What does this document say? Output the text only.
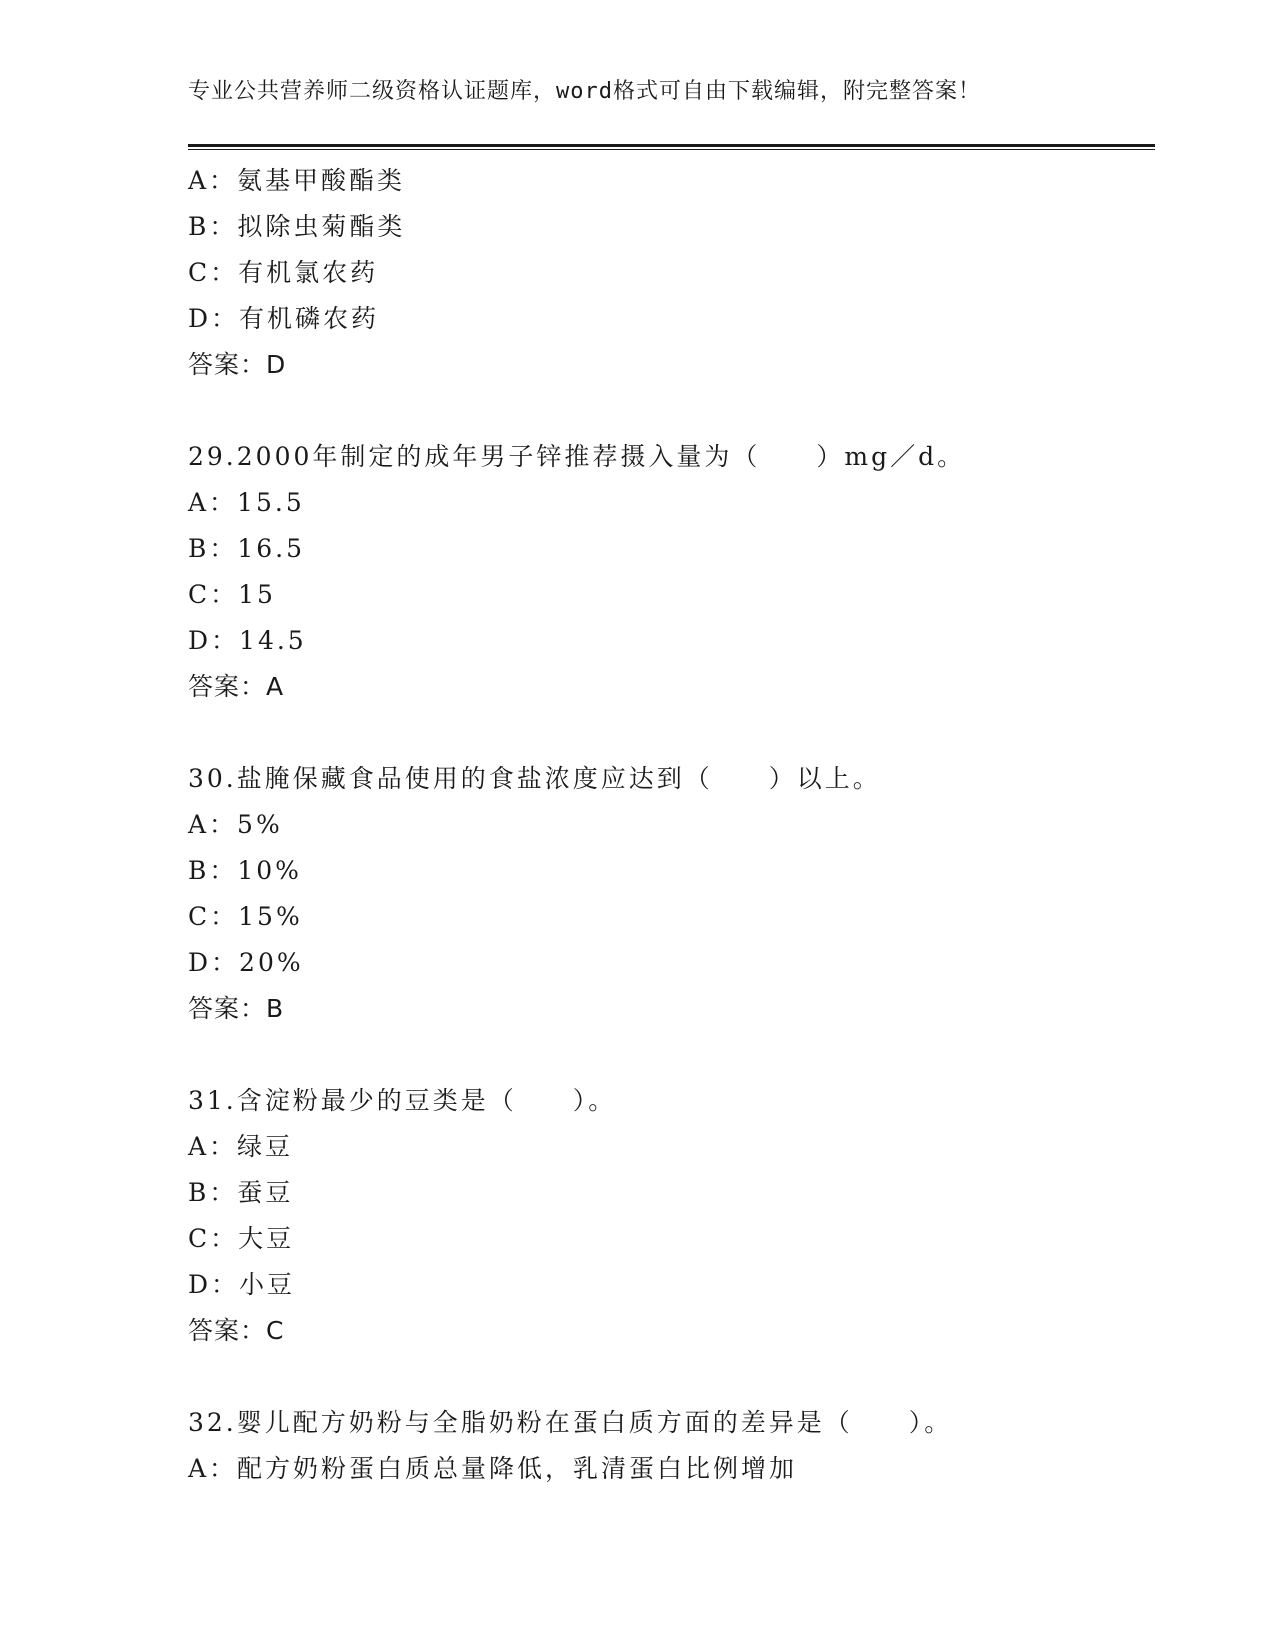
专业公共营养师二级资格认证题库，word格式可自由下载编辑，附完整答案！
A：氨基甲酸酯类
B：拟除虫菊酯类
C：有机氯农药
D：有机磷农药
答案：D
29.2000年制定的成年男子锌推荐摄入量为（　　）mg／d。
A：15.5
B：16.5
C：15
D：14.5
答案：A
30.盐腌保藏食品使用的食盐浓度应达到（　　）以上。
A：5%
B：10%
C：15%
D：20%
答案：B
31.含淀粉最少的豆类是（　　）。
A：绿豆
B：蚕豆
C：大豆
D：小豆
答案：C
32.婴儿配方奶粉与全脂奶粉在蛋白质方面的差异是（　　）。
A：配方奶粉蛋白质总量降低，乳清蛋白比例增加
